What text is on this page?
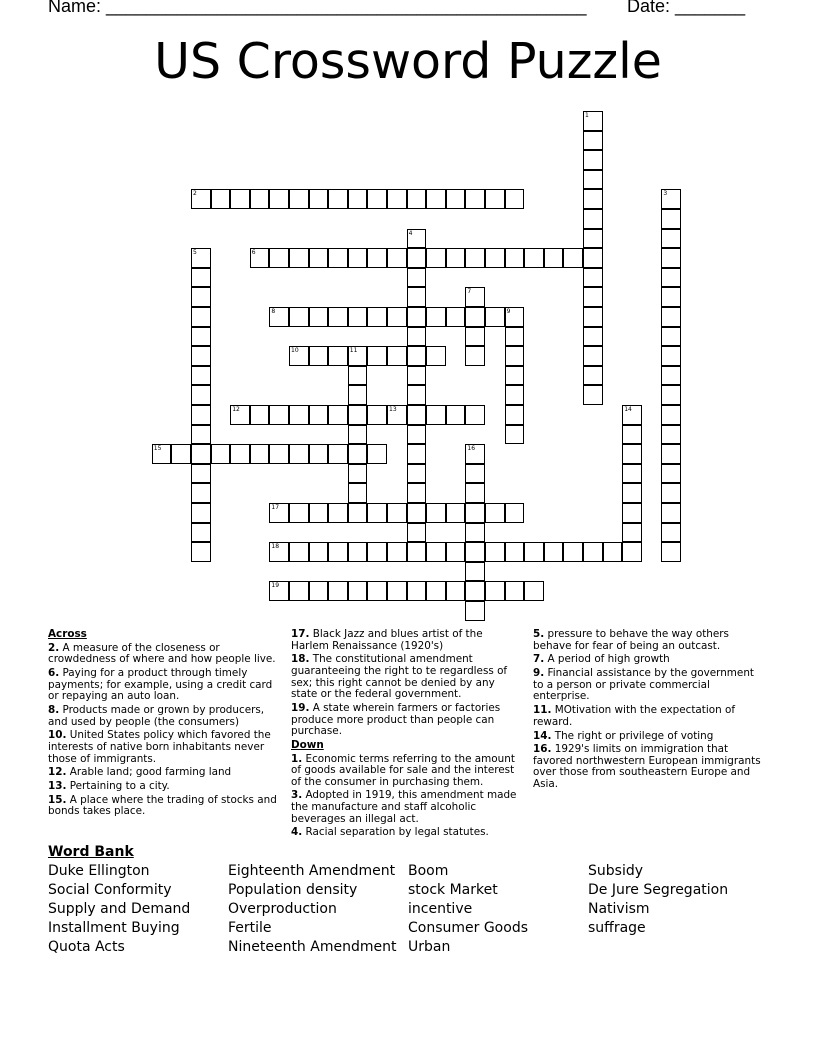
Name: ________________________________________________ Date: _______
US Crossword Puzzle
1
2	3
4
5	6
7
8	9
10	11
12	13	14
15	16
17
18
19
Across
2. A measure of the closeness or crowdedness of where and how people live.
6. Paying for a product through timely payments; for example, using a credit card or repaying an auto loan.
8. Products made or grown by producers, and used by people (the consumers)
10. United States policy which favored the interests of native born inhabitants never those of immigrants.
12. Arable land; good farming land
13. Pertaining to a city.
15. A place where the trading of stocks and bonds takes place.
17. Black Jazz and blues artist of the Harlem Renaissance (1920's)
18. The constitutional amendment guaranteeing the right to te regardless of sex; this right cannot be denied by any state or the federal government.
19. A state wherein farmers or factories produce more product than people can purchase.
Down
1. Economic terms referring to the amount of goods available for sale and the interest of the consumer in purchasing them.
3. Adopted in 1919, this amendment made the manufacture and staff alcoholic beverages an illegal act.
4. Racial separation by legal statutes.
5. pressure to behave the way others behave for fear of being an outcast.
7. A period of high growth
9. Financial assistance by the government to a person or private commercial enterprise.
11. MOtivation with the expectation of reward.
14. The right or privilege of voting
16. 1929's limits on immigration that favored northwestern European immigrants over those from southeastern Europe and Asia.
Word Bank
Duke Ellington
Social Conformity
Supply and Demand
Installment Buying
Quota Acts
Eighteenth Amendment
Population density
Overproduction
Fertile
Nineteenth Amendment
Boom
stock Market
incentive
Consumer Goods
Urban
Subsidy
De Jure Segregation
Nativism
suffrage
